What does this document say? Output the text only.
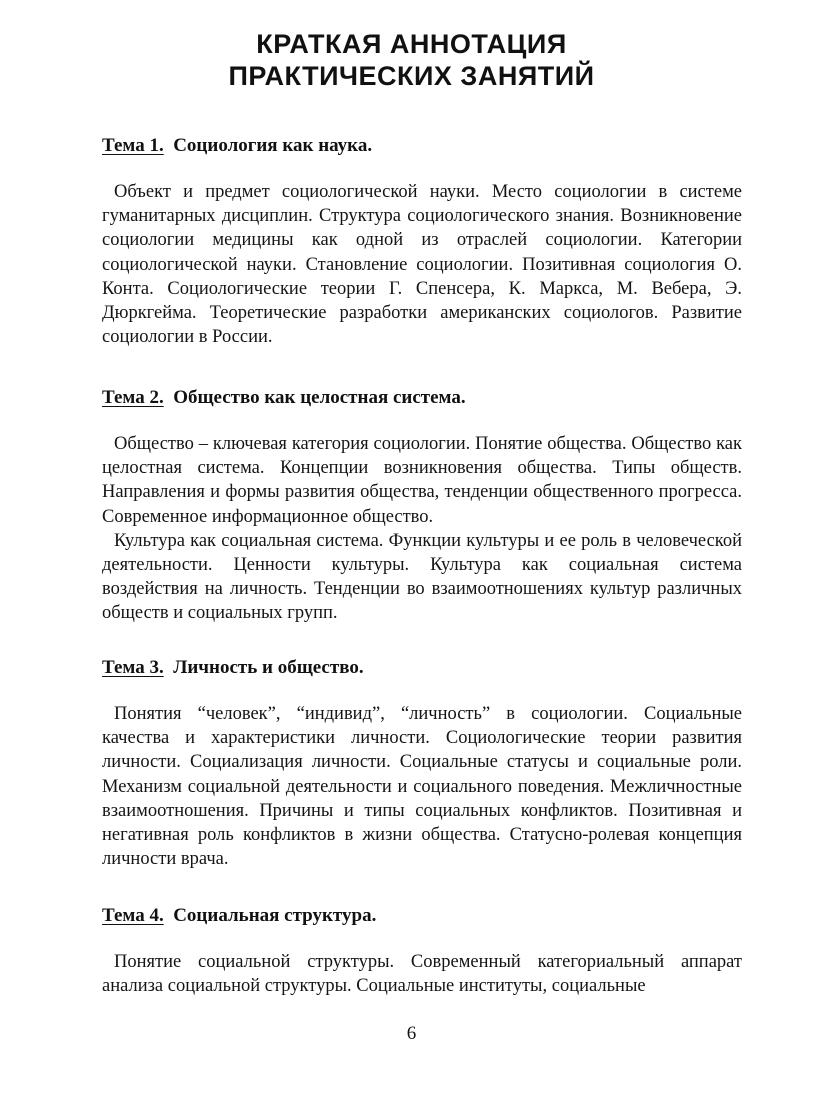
КРАТКАЯ АННОТАЦИЯ
ПРАКТИЧЕСКИХ ЗАНЯТИЙ
Тема 1. Социология как наука.

Объект и предмет социологической науки. Место социологии в системе гуманитарных дисциплин. Структура социологического знания. Возникновение социологии медицины как одной из отраслей социологии. Категории социологической науки. Становление социологии. Позитивная социология О. Конта. Социологические теории Г. Спенсера, К. Маркса, М. Вебера, Э. Дюркгейма. Теоретические разработки американских социологов. Развитие социологии в России.

Тема 2. Общество как целостная система.

Общество – ключевая категория социологии. Понятие общества. Общество как целостная система. Концепции возникновения общества. Типы обществ. Направления и формы развития общества, тенденции общественного прогресса. Современное информационное общество.

Культура как социальная система. Функции культуры и ее роль в человеческой деятельности. Ценности культуры. Культура как социальная система воздействия на личность. Тенденции во взаимоотношениях культур различных обществ и социальных групп.

Тема 3. Личность и общество.

Понятия “человек”, “индивид”, “личность” в социологии. Социальные качества и характеристики личности. Социологические теории развития личности. Социализация личности. Социальные статусы и социальные роли. Механизм социальной деятельности и социального поведения. Межличностные взаимоотношения. Причины и типы социальных конфликтов. Позитивная и негативная роль конфликтов в жизни общества. Статусно-ролевая концепция личности врача.

Тема 4. Социальная структура.

Понятие социальной структуры. Современный категориальный аппарат анализа социальной структуры. Социальные институты, социальные

6
